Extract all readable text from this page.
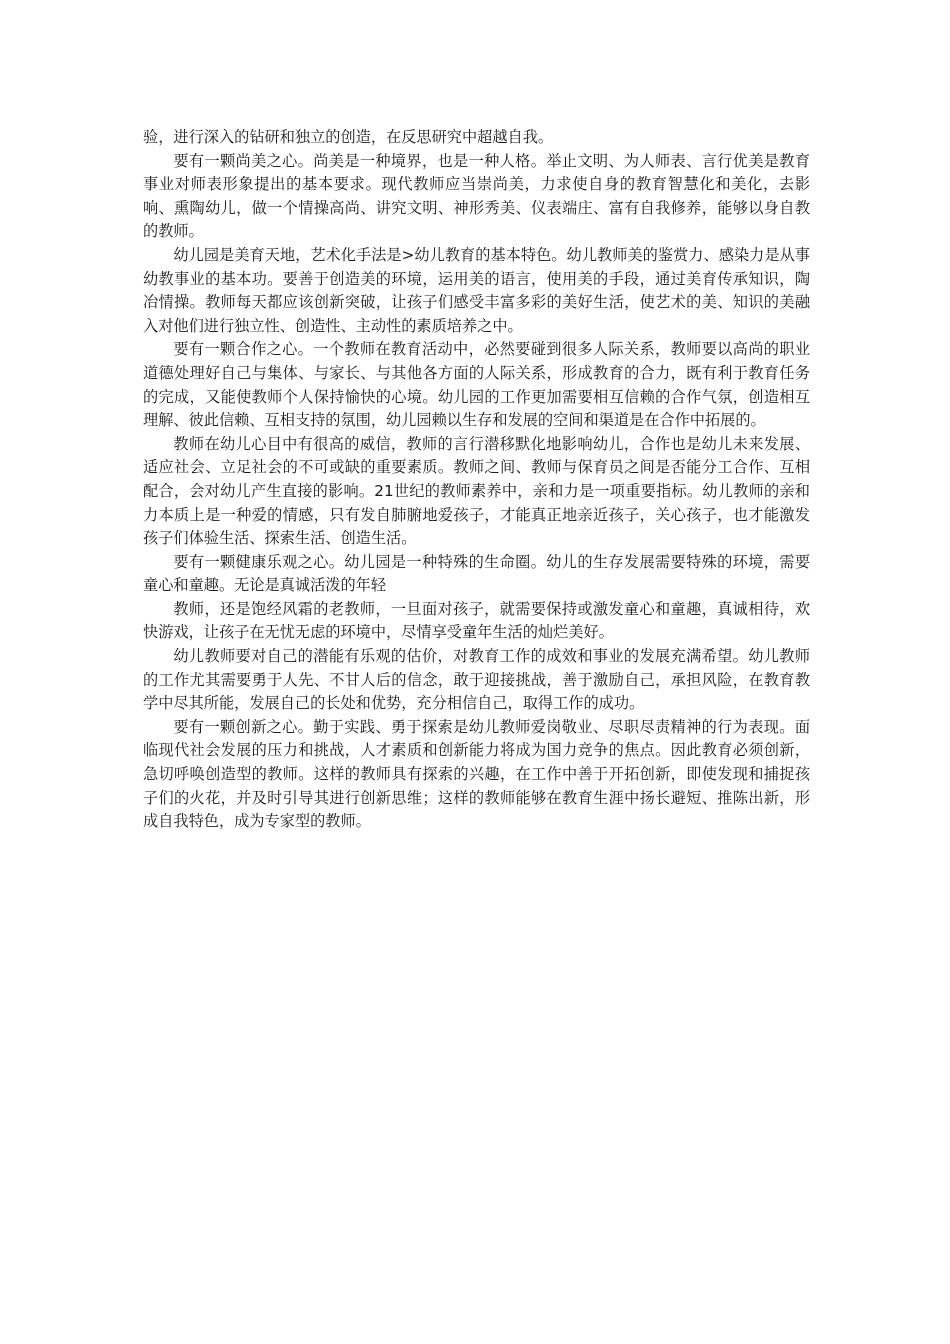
验，进行深入的钻研和独立的创造，在反思研究中超越自我。

要有一颗尚美之心。尚美是一种境界，也是一种人格。举止文明、为人师表、言行优美是教育事业对师表形象提出的基本要求。现代教师应当崇尚美，力求使自身的教育智慧化和美化，去影响、熏陶幼儿，做一个情操高尚、讲究文明、神形秀美、仪表端庄、富有自我修养，能够以身自教的教师。

幼儿园是美育天地，艺术化手法是>幼儿教育的基本特色。幼儿教师美的鉴赏力、感染力是从事幼教事业的基本功。要善于创造美的环境，运用美的语言，使用美的手段，通过美育传承知识，陶冶情操。教师每天都应该创新突破，让孩子们感受丰富多彩的美好生活，使艺术的美、知识的美融入对他们进行独立性、创造性、主动性的素质培养之中。

要有一颗合作之心。一个教师在教育活动中，必然要碰到很多人际关系，教师要以高尚的职业道德处理好自己与集体、与家长、与其他各方面的人际关系，形成教育的合力，既有利于教育任务的完成，又能使教师个人保持愉快的心境。幼儿园的工作更加需要相互信赖的合作气氛，创造相互理解、彼此信赖、互相支持的氛围，幼儿园赖以生存和发展的空间和渠道是在合作中拓展的。

教师在幼儿心目中有很高的威信，教师的言行潜移默化地影响幼儿，合作也是幼儿未来发展、适应社会、立足社会的不可或缺的重要素质。教师之间、教师与保育员之间是否能分工合作、互相配合，会对幼儿产生直接的影响。21世纪的教师素养中，亲和力是一项重要指标。幼儿教师的亲和力本质上是一种爱的情感，只有发自肺腑地爱孩子，才能真正地亲近孩子，关心孩子，也才能激发孩子们体验生活、探索生活、创造生活。

要有一颗健康乐观之心。幼儿园是一种特殊的生命圈。幼儿的生存发展需要特殊的环境，需要童心和童趣。无论是真诚活泼的年轻

教师，还是饱经风霜的老教师，一旦面对孩子，就需要保持或激发童心和童趣，真诚相待，欢快游戏，让孩子在无忧无虑的环境中，尽情享受童年生活的灿烂美好。

幼儿教师要对自己的潜能有乐观的估价，对教育工作的成效和事业的发展充满希望。幼儿教师的工作尤其需要勇于人先、不甘人后的信念，敢于迎接挑战，善于激励自己，承担风险，在教育教学中尽其所能，发展自己的长处和优势，充分相信自己，取得工作的成功。

要有一颗创新之心。勤于实践、勇于探索是幼儿教师爱岗敬业、尽职尽责精神的行为表现。面临现代社会发展的压力和挑战，人才素质和创新能力将成为国力竞争的焦点。因此教育必须创新，急切呼唤创造型的教师。这样的教师具有探索的兴趣，在工作中善于开拓创新，即使发现和捕捉孩子们的火花，并及时引导其进行创新思维；这样的教师能够在教育生涯中扬长避短、推陈出新，形成自我特色，成为专家型的教师。
